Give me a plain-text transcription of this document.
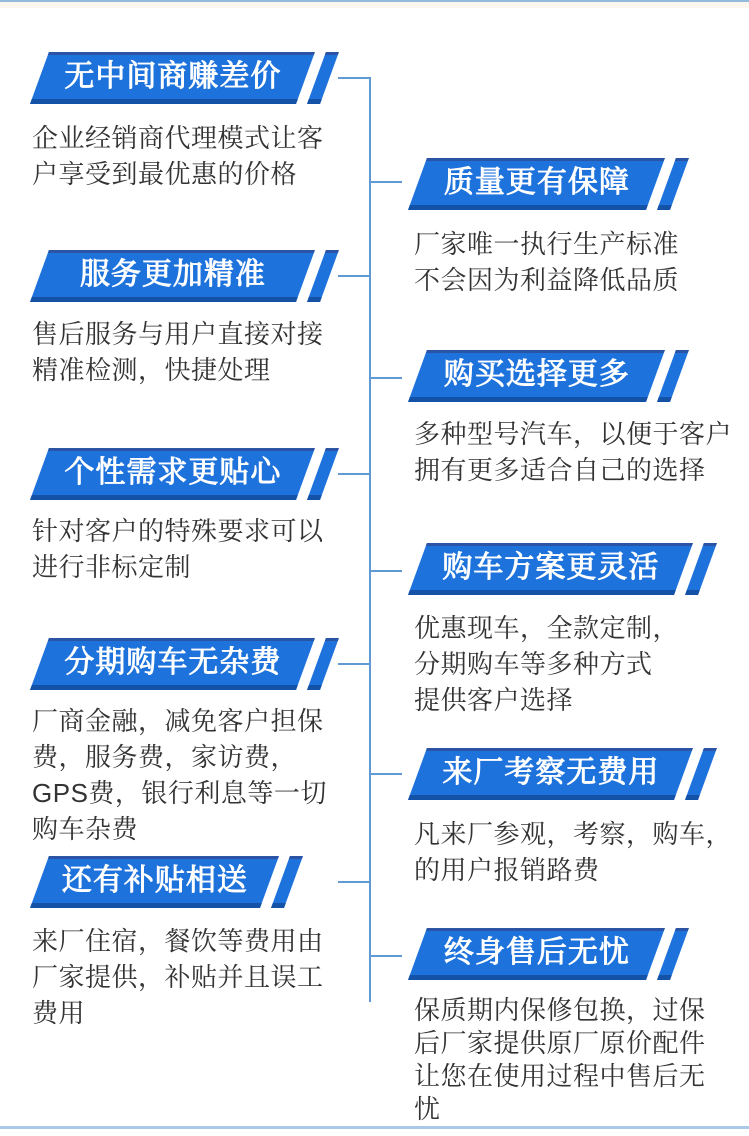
无中间商赚差价
企业经销商代理模式让客
户享受到最优惠的价格
服务更加精准
售后服务与用户直接对接
精准检测，快捷处理
个性需求更贴心
针对客户的特殊要求可以
进行非标定制
分期购车无杂费
厂商金融，减免客户担保
费，服务费，家访费，
GPS费，银行利息等一切
购车杂费
还有补贴相送
来厂住宿，餐饮等费用由
厂家提供，补贴并且误工
费用
质量更有保障
厂家唯一执行生产标准
不会因为利益降低品质
购买选择更多
多种型号汽车，以便于客户
拥有更多适合自己的选择
购车方案更灵活
优惠现车，全款定制，
分期购车等多种方式
提供客户选择
来厂考察无费用
凡来厂参观，考察，购车，
的用户报销路费
终身售后无忧
保质期内保修包换，过保
后厂家提供原厂原价配件
让您在使用过程中售后无
忧
